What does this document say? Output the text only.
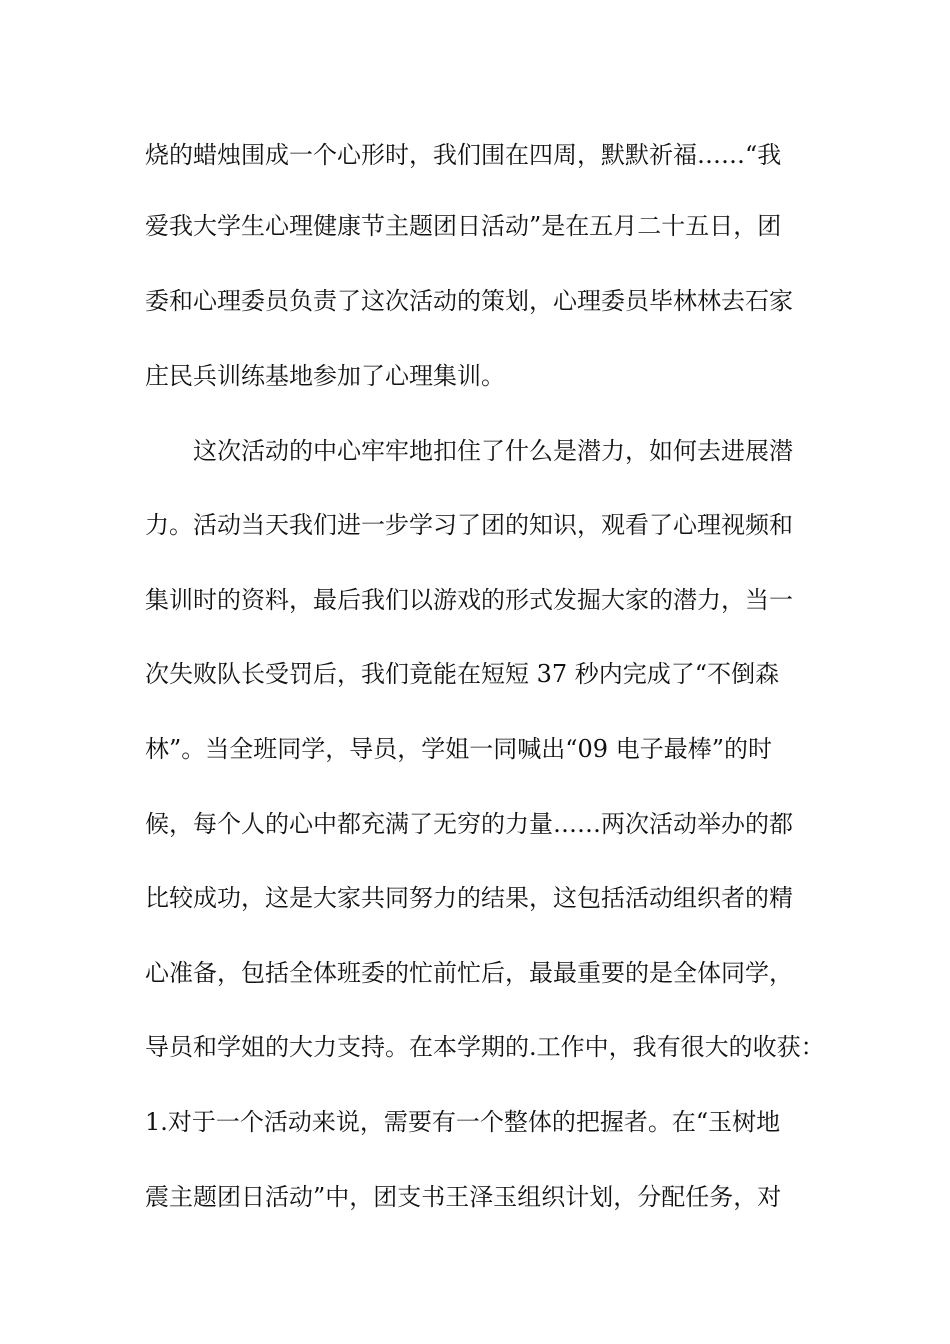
烧的蜡烛围成一个心形时，我们围在四周，默默祈福……“我
爱我大学生心理健康节主题团日活动”是在五月二十五日，团
委和心理委员负责了这次活动的策划，心理委员毕林林去石家
庄民兵训练基地参加了心理集训。
这次活动的中心牢牢地扣住了什么是潜力，如何去进展潜
力。活动当天我们进一步学习了团的知识，观看了心理视频和
集训时的资料，最后我们以游戏的形式发掘大家的潜力，当一
次失败队长受罚后，我们竟能在短短 37 秒内完成了“不倒森
林”。当全班同学，导员，学姐一同喊出“09 电子最棒”的时
候，每个人的心中都充满了无穷的力量……两次活动举办的都
比较成功，这是大家共同努力的结果，这包括活动组织者的精
心准备，包括全体班委的忙前忙后，最最重要的是全体同学，
导员和学姐的大力支持。在本学期的.工作中，我有很大的收获：
1.对于一个活动来说，需要有一个整体的把握者。在“玉树地
震主题团日活动”中，团支书王泽玉组织计划，分配任务，对
